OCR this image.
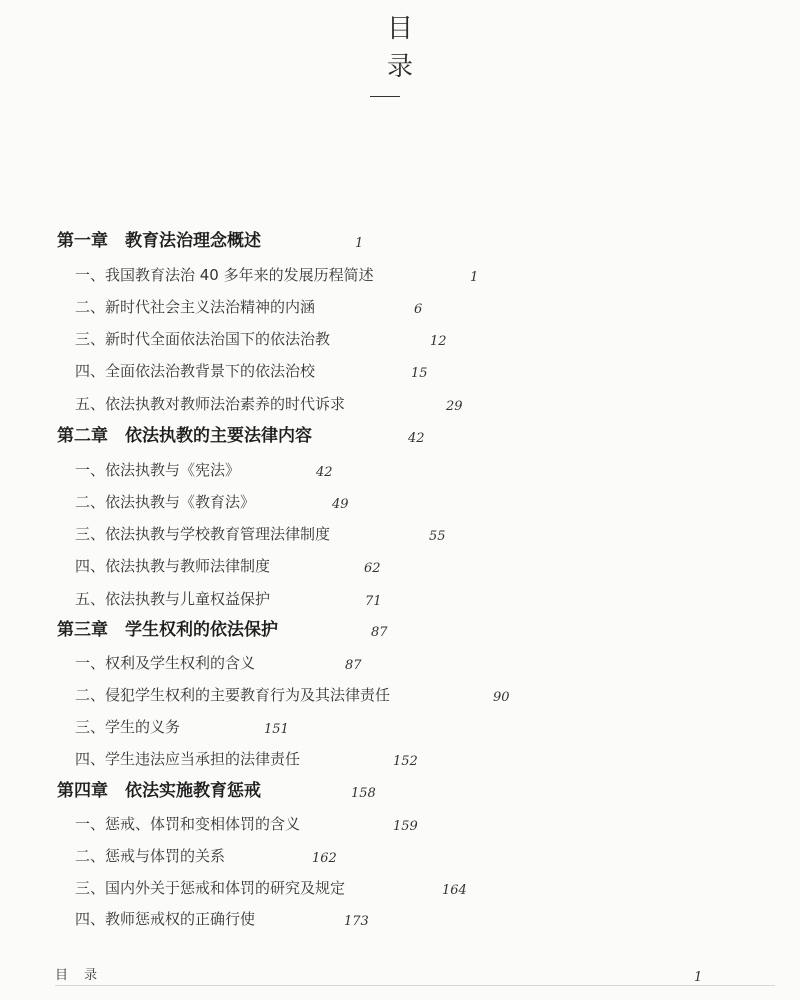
目
录
第一章　教育法治理念概述	1
一、我国教育法治 40 多年来的发展历程简述	1
二、新时代社会主义法治精神的内涵	6
三、新时代全面依法治国下的依法治教	12
四、全面依法治教背景下的依法治校	15
五、依法执教对教师法治素养的时代诉求	29
第二章　依法执教的主要法律内容	42
一、依法执教与《宪法》	42
二、依法执教与《教育法》	49
三、依法执教与学校教育管理法律制度	55
四、依法执教与教师法律制度	62
五、依法执教与儿童权益保护	71
第三章　学生权利的依法保护	87
一、权利及学生权利的含义	87
二、侵犯学生权利的主要教育行为及其法律责任	90
三、学生的义务	151
四、学生违法应当承担的法律责任	152
第四章　依法实施教育惩戒	158
一、惩戒、体罚和变相体罚的含义	159
二、惩戒与体罚的关系	162
三、国内外关于惩戒和体罚的研究及规定	164
四、教师惩戒权的正确行使	173
目 录	1
